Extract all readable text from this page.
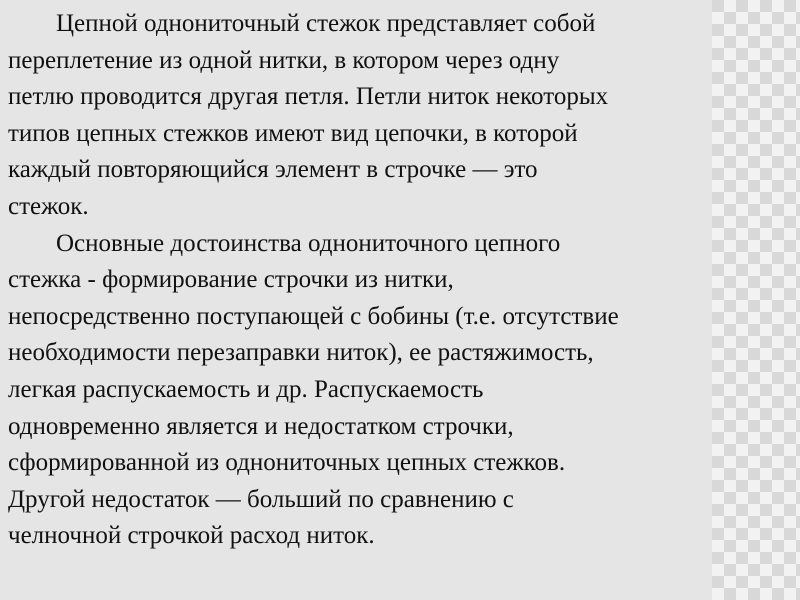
Цепной однониточный стежок представляет собой
переплетение из одной нитки, в котором через одну
петлю проводится другая петля. Петли ниток некоторых
типов цепных стежков имеют вид цепочки, в которой
каждый повторяющийся элемент в строчке — это
стежок.

Основные достоинства однониточного цепного
стежка - формирование строчки из нитки,
непосредственно поступающей с бобины (т.е. отсутствие
необходимости перезаправки ниток), ее растяжимость,
легкая распускаемость и др. Распускаемость
одновременно является и недостатком строчки,
сформированной из однониточных цепных стежков.
Другой недостаток — больший по сравнению с
челночной строчкой расход ниток.
